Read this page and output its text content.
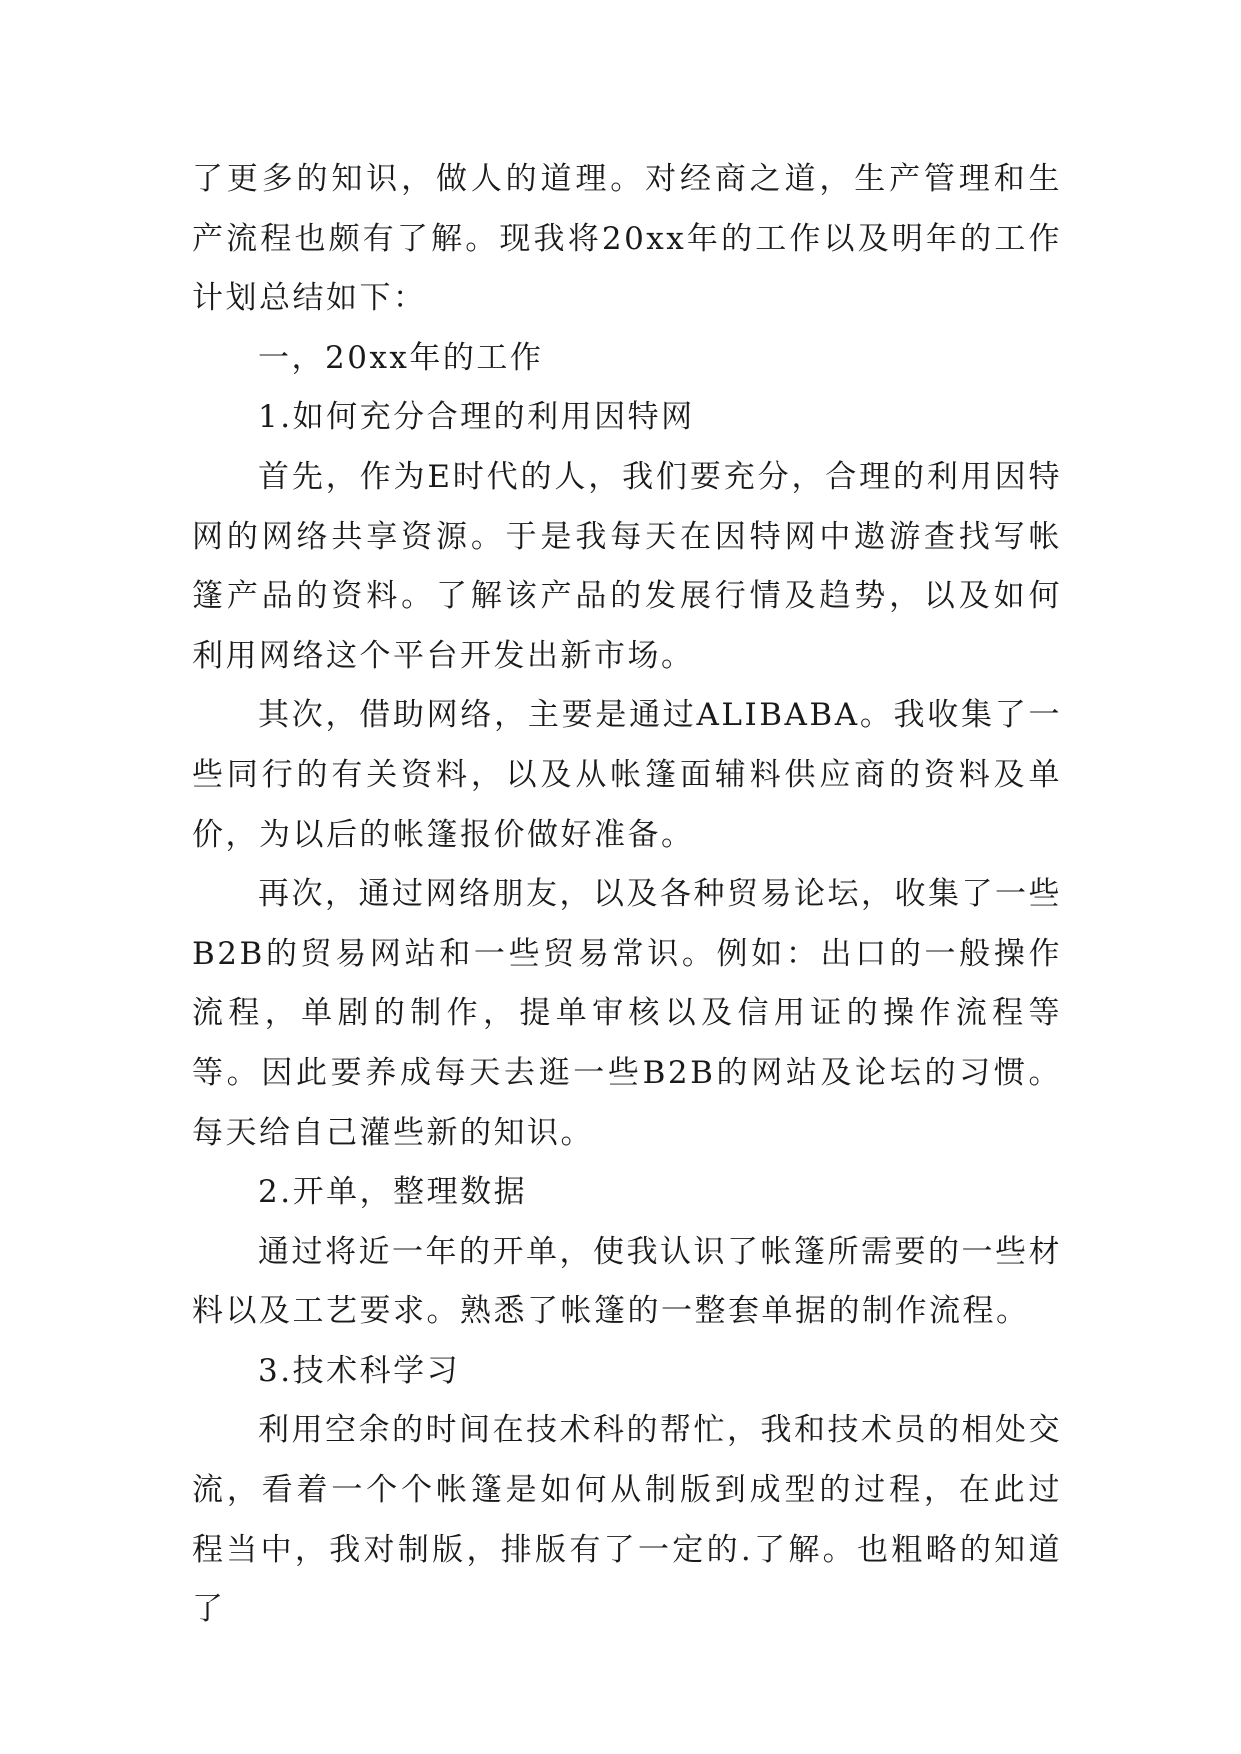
了更多的知识，做人的道理。对经商之道，生产管理和生产流程也颇有了解。现我将20xx年的工作以及明年的工作计划总结如下：

一，20xx年的工作

1.如何充分合理的利用因特网

首先，作为E时代的人，我们要充分，合理的利用因特网的网络共享资源。于是我每天在因特网中遨游查找写帐篷产品的资料。了解该产品的发展行情及趋势，以及如何利用网络这个平台开发出新市场。

其次，借助网络，主要是通过ALIBABA。我收集了一些同行的有关资料，以及从帐篷面辅料供应商的资料及单价，为以后的帐篷报价做好准备。

再次，通过网络朋友，以及各种贸易论坛，收集了一些B2B的贸易网站和一些贸易常识。例如：出口的一般操作流程，单剧的制作，提单审核以及信用证的操作流程等等。因此要养成每天去逛一些B2B的网站及论坛的习惯。每天给自己灌些新的知识。

2.开单，整理数据

通过将近一年的开单，使我认识了帐篷所需要的一些材料以及工艺要求。熟悉了帐篷的一整套单据的制作流程。

3.技术科学习

利用空余的时间在技术科的帮忙，我和技术员的相处交流，看着一个个帐篷是如何从制版到成型的过程，在此过程当中，我对制版，排版有了一定的.了解。也粗略的知道了
